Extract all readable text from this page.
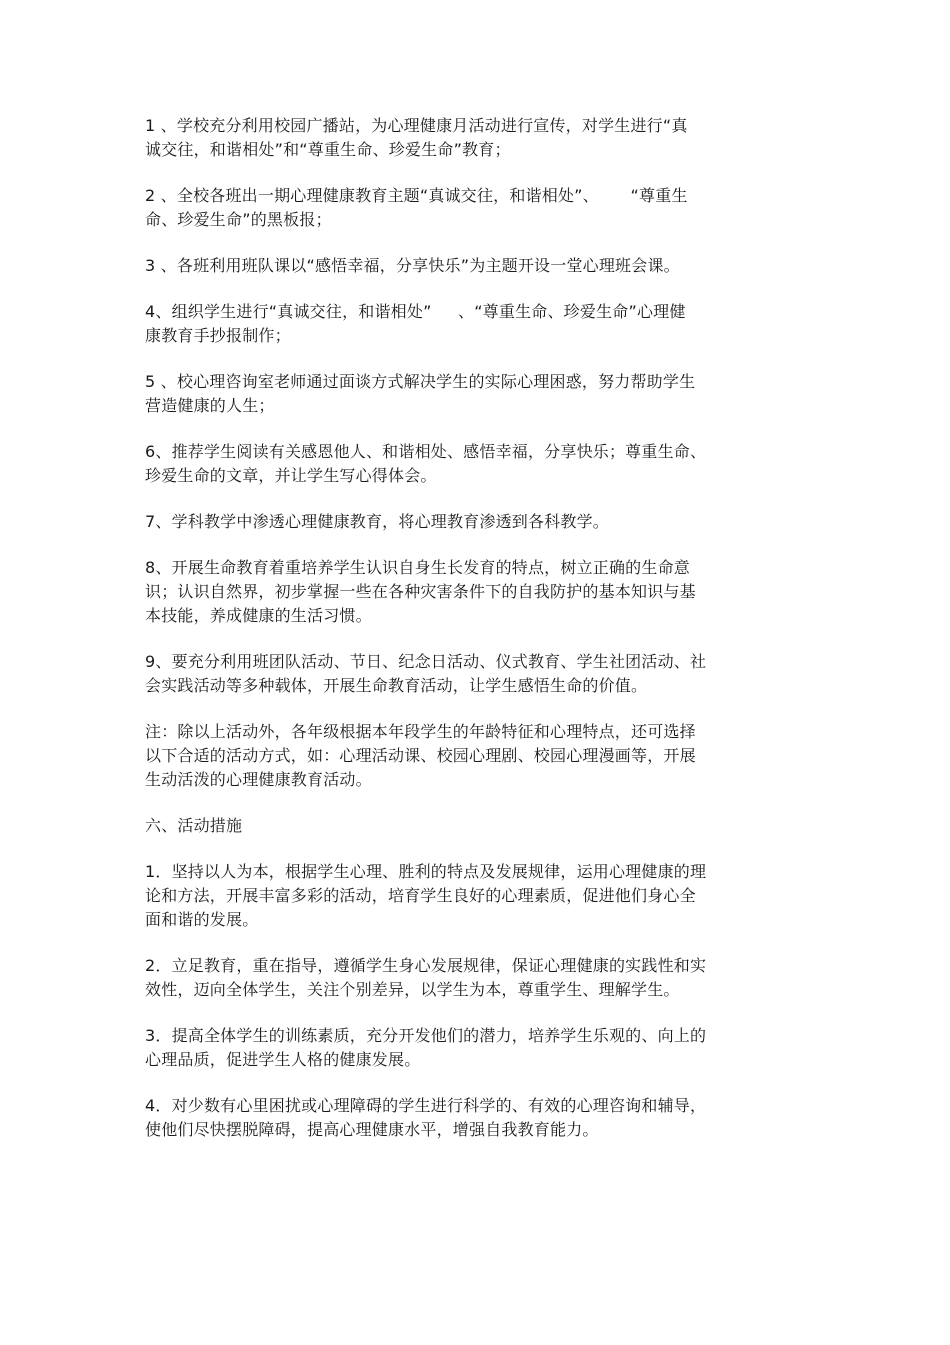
1 、学校充分利用校园广播站，为心理健康月活动进行宣传，对学生进行“真
诚交往，和谐相处”和“尊重生命、珍爱生命”教育；

2 、全校各班出一期心理健康教育主题“真诚交往，和谐相处”、      “尊重生
命、珍爱生命”的黑板报；

3 、各班利用班队课以“感悟幸福，分享快乐”为主题开设一堂心理班会课。

4、组织学生进行“真诚交往，和谐相处”     、“尊重生命、珍爱生命”心理健
康教育手抄报制作；

5 、校心理咨询室老师通过面谈方式解决学生的实际心理困惑，努力帮助学生
营造健康的人生；

6、推荐学生阅读有关感恩他人、和谐相处、感悟幸福，分享快乐；尊重生命、
珍爱生命的文章，并让学生写心得体会。

7、学科教学中渗透心理健康教育，将心理教育渗透到各科教学。

8、开展生命教育着重培养学生认识自身生长发育的特点，树立正确的生命意
识；认识自然界，初步掌握一些在各种灾害条件下的自我防护的基本知识与基
本技能，养成健康的生活习惯。

9、要充分利用班团队活动、节日、纪念日活动、仪式教育、学生社团活动、社
会实践活动等多种载体，开展生命教育活动，让学生感悟生命的价值。

注：除以上活动外，各年级根据本年段学生的年龄特征和心理特点，还可选择
以下合适的活动方式，如：心理活动课、校园心理剧、校园心理漫画等，开展
生动活泼的心理健康教育活动。

六、活动措施

1．坚持以人为本，根据学生心理、胜利的特点及发展规律，运用心理健康的理
论和方法，开展丰富多彩的活动，培育学生良好的心理素质，促进他们身心全
面和谐的发展。

2．立足教育，重在指导，遵循学生身心发展规律，保证心理健康的实践性和实
效性，迈向全体学生，关注个别差异，以学生为本，尊重学生、理解学生。

3．提高全体学生的训练素质，充分开发他们的潜力，培养学生乐观的、向上的
心理品质，促进学生人格的健康发展。

4．对少数有心里困扰或心理障碍的学生进行科学的、有效的心理咨询和辅导，
使他们尽快摆脱障碍，提高心理健康水平，增强自我教育能力。
